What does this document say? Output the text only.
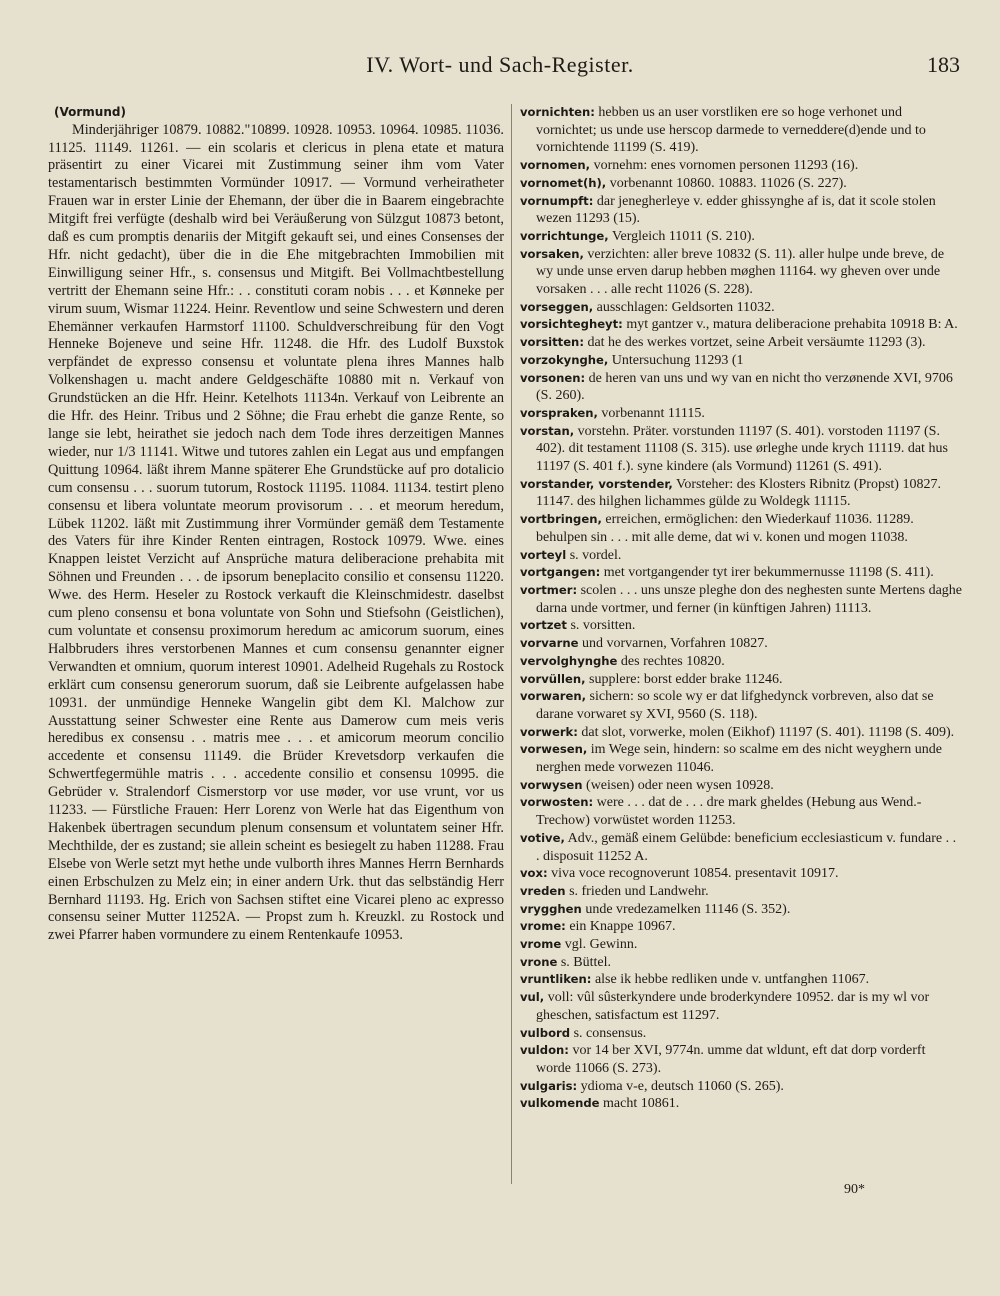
IV. Wort- und Sach-Register.	183
(Vormund)

Minderjähriger 10879. 10882."10899. 10928. 10953. 10964. 10985. 11036. 11125. 11149. 11261. — ein scolaris et clericus in plena etate et matura präsentirt zu einer Vicarei mit Zustimmung seiner ihm vom Vater testamentarisch bestimmten Vormünder 10917. — Vormund verheiratheter Frauen war in erster Linie der Ehemann, der über die in Baarem eingebrachte Mitgift frei verfügte (deshalb wird bei Veräußerung von Sülzgut 10873 betont, daß es cum promptis denariis der Mitgift gekauft sei, und eines Consenses der Hfr. nicht gedacht), über die in die Ehe mitgebrachten Immobilien mit Einwilligung seiner Hfr., s. consensus und Mitgift. Bei Vollmachtbestellung vertritt der Ehemann seine Hfr.: . . constituti coram nobis . . . et Kønneke per virum suum, Wismar 11224. Heinr. Reventlow und seine Schwestern und deren Ehemänner verkaufen Harmstorf 11100. Schuldverschreibung für den Vogt Henneke Bojeneve und seine Hfr. 11248. die Hfr. des Ludolf Buxstok verpfändet de expresso consensu et voluntate plena ihres Mannes halb Volkenshagen u. macht andere Geldgeschäfte 10880 mit n. Verkauf von Grundstücken an die Hfr. Heinr. Ketelhots 11134n. Verkauf von Leibrente an die Hfr. des Heinr. Tribus und 2 Söhne; die Frau erhebt die ganze Rente, so lange sie lebt, heirathet sie jedoch nach dem Tode ihres derzeitigen Mannes wieder, nur 1/3 11141. Witwe und tutores zahlen ein Legat aus und empfangen Quittung 10964. läßt ihrem Manne späterer Ehe Grundstücke auf pro dotalicio cum consensu . . . suorum tutorum, Rostock 11195. 11084. 11134. testirt pleno consensu et libera voluntate meorum provisorum . . . et meorum heredum, Lübek 11202. läßt mit Zustimmung ihrer Vormünder gemäß dem Testamente des Vaters für ihre Kinder Renten eintragen, Rostock 10979. Wwe. eines Knappen leistet Verzicht auf Ansprüche matura deliberacione prehabita mit Söhnen und Freunden . . . de ipsorum beneplacito consilio et consensu 11220. Wwe. des Herm. Heseler zu Rostock verkauft die Kleinschmidestr. daselbst cum pleno consensu et bona voluntate von Sohn und Stiefsohn (Geistlichen), cum voluntate et consensu proximorum heredum ac amicorum suorum, eines Halbbruders ihres verstorbenen Mannes et cum consensu genannter eigner Verwandten et omnium, quorum interest 10901. Adelheid Rugehals zu Rostock erklärt cum consensu generorum suorum, daß sie Leibrente aufgelassen habe 10931. der unmündige Henneke Wangelin gibt dem Kl. Malchow zur Ausstattung seiner Schwester eine Rente aus Damerow cum meis veris heredibus ex consensu . . matris mee . . . et amicorum meorum concilio accedente et consensu 11149. die Brüder Krevetsdorp verkaufen die Schwertfegermühle matris . . . accedente consilio et consensu 10995. die Gebrüder v. Stralendorf Cismerstorp vor use møder, vor use vrunt, vor us 11233. — Fürstliche Frauen: Herr Lorenz von Werle hat das Eigenthum von Hakenbek übertragen secundum plenum consensum et voluntatem seiner Hfr. Mechthilde, der es zustand; sie allein scheint es besiegelt zu haben 11288. Frau Elsebe von Werle setzt myt hethe unde vulborth ihres Mannes Herrn Bernhards einen Erbschulzen zu Melz ein; in einer andern Urk. thut das selbständig Herr Bernhard 11193. Hg. Erich von Sachsen stiftet eine Vicarei pleno ac expresso consensu seiner Mutter 11252A. — Propst zum h. Kreuzkl. zu Rostock und zwei Pfarrer haben vormundere zu einem Rentenkaufe 10953.

vornichten: hebben us an user vorstliken ere so hoge verhonet und vornichtet; us unde use herscop darmede to verneddere(d)ende und to vornichtende 11199 (S. 419).

vornomen, vornehm: enes vornomen personen 11293 (16).

vornomet(h), vorbenannt 10860. 10883. 11026 (S. 227).

vornumpft: dar jenegherleye v. edder ghissynghe af is, dat it scole stolen wezen 11293 (15).

vorrichtunge, Vergleich 11011 (S. 210).

vorsaken, verzichten: aller breve 10832 (S. 11). aller hulpe unde breve, de wy unde unse erven darup hebben møghen 11164. wy gheven over unde vorsaken . . . alle recht 11026 (S. 228).

vorseggen, ausschlagen: Geldsorten 11032.

vorsichtegheyt: myt gantzer v., matura deliberacione prehabita 10918 B: A.

vorsitten: dat he des werkes vortzet, seine Arbeit versäumte 11293 (3).

vorzokynghe, Untersuchung 11293 (1

vorsonen: de heren van uns und wy van en nicht tho verzønende XVI, 9706 (S. 260).

vorspraken, vorbenannt 11115.

vorstan, vorstehn. Präter. vorstunden 11197 (S. 401). vorstoden 11197 (S. 402). dit testament 11108 (S. 315). use ørleghe unde krych 11119. dat hus 11197 (S. 401 f.). syne kindere (als Vormund) 11261 (S. 491).

vorstander, vorstender, Vorsteher: des Klosters Ribnitz (Propst) 10827. 11147. des hilghen lichammes gülde zu Woldegk 11115.

vortbringen, erreichen, ermöglichen: den Wiederkauf 11036. 11289. behulpen sin . . . mit alle deme, dat wi v. konen und mogen 11038.

vorteyl s. vordel.

vortgangen: met vortgangender tyt irer bekummernusse 11198 (S. 411).

vortmer: scolen . . . uns unsze pleghe don des neghesten sunte Mertens daghe darna unde vortmer, und ferner (in künftigen Jahren) 11113.

vortzet s. vorsitten.

vorvarne und vorvarnen, Vorfahren 10827.

vervolghynghe des rechtes 10820.

vorvüllen, supplere: borst edder brake 11246.

vorwaren, sichern: so scole wy er dat lifghedynck vorbreven, also dat se darane vorwaret sy XVI, 9560 (S. 118).

vorwerk: dat slot, vorwerke, molen (Eikhof) 11197 (S. 401). 11198 (S. 409).

vorwesen, im Wege sein, hindern: so scalme em des nicht weyghern unde nerghen mede vorwezen 11046.

vorwysen (weisen) oder neen wysen 10928.

vorwosten: were . . . dat de . . . dre mark gheldes (Hebung aus Wend.-Trechow) vorwüstet worden 11253.

votive, Adv., gemäß einem Gelübde: beneficium ecclesiasticum v. fundare . . . disposuit 11252 A.

vox: viva voce recognoverunt 10854. presentavit 10917.

vreden s. frieden und Landwehr.

vrygghen unde vredezamelken 11146 (S. 352).

vrome: ein Knappe 10967.

vrome vgl. Gewinn.

vrone s. Büttel.

vruntliken: alse ik hebbe redliken unde v. untfanghen 11067.

vul, voll: vûl sûsterkyndere unde broderkyndere 10952. dar is my wl vor gheschen, satisfactum est 11297.

vulbord s. consensus.

vuldon: vor 14 ber XVI, 9774n. umme dat wldunt, eft dat dorp vorderft worde 11066 (S. 273).

vulgaris: ydioma v-e, deutsch 11060 (S. 265).

vulkomende macht 10861.

90*
